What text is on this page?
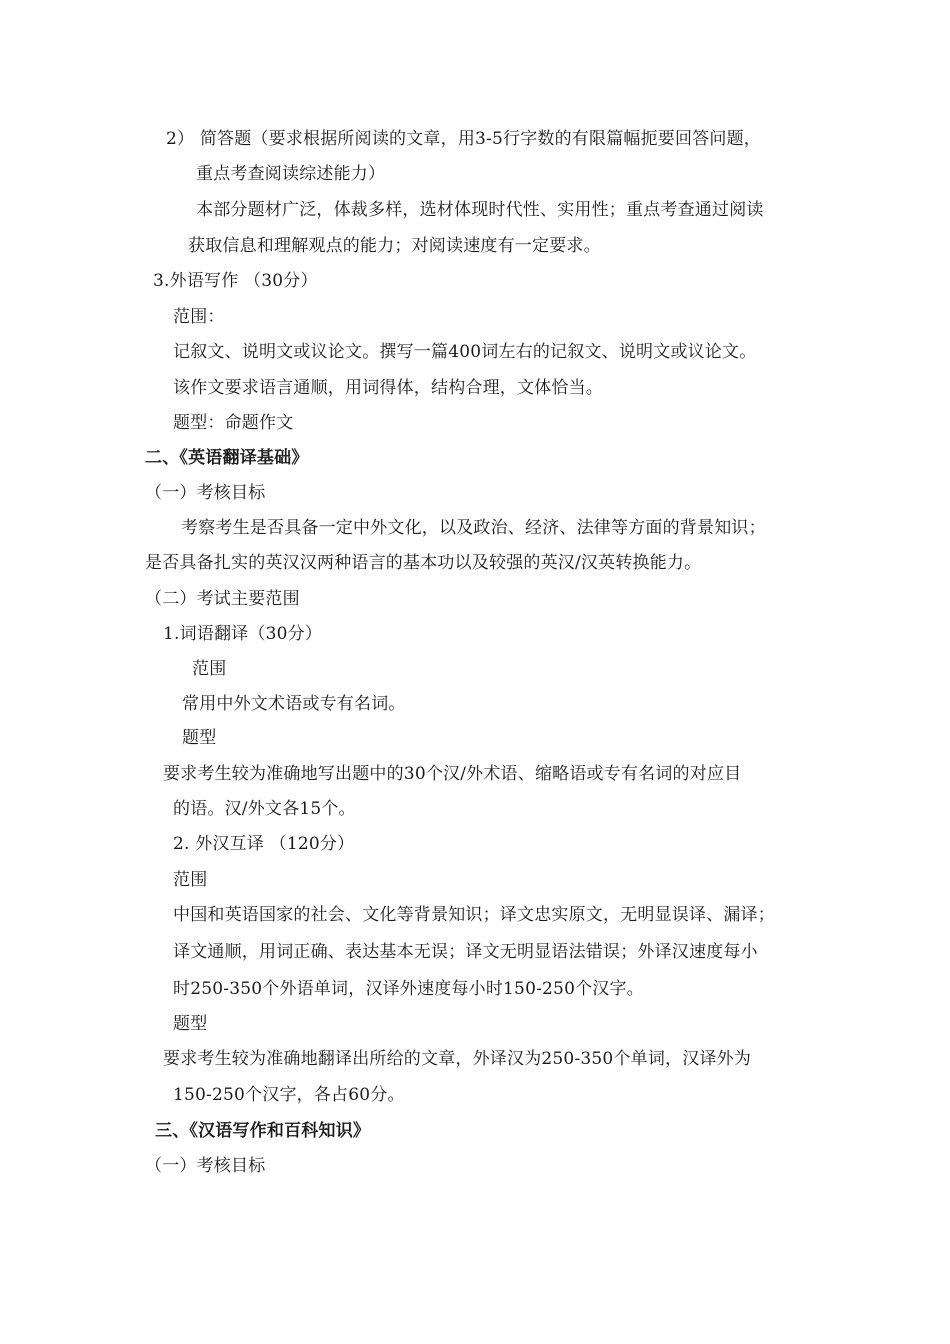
2） 简答题（要求根据所阅读的文章，用3-5行字数的有限篇幅扼要回答问题，
重点考查阅读综述能力）
本部分题材广泛，体裁多样，选材体现时代性、实用性；重点考查通过阅读
获取信息和理解观点的能力；对阅读速度有一定要求。
3.外语写作 （30分）
范围：
记叙文、说明文或议论文。撰写一篇400词左右的记叙文、说明文或议论文。
该作文要求语言通顺，用词得体，结构合理，文体恰当。
题型：命题作文
二、《英语翻译基础》
（一）考核目标
考察考生是否具备一定中外文化，以及政治、经济、法律等方面的背景知识；
是否具备扎实的英汉汉两种语言的基本功以及较强的英汉/汉英转换能力。
（二）考试主要范围
1.词语翻译（30分）
范围
常用中外文术语或专有名词。
题型
要求考生较为准确地写出题中的30个汉/外术语、缩略语或专有名词的对应目
的语。汉/外文各15个。
2. 外汉互译 （120分）
范围
中国和英语国家的社会、文化等背景知识；译文忠实原文，无明显误译、漏译；
译文通顺，用词正确、表达基本无误；译文无明显语法错误；外译汉速度每小
时250-350个外语单词，汉译外速度每小时150-250个汉字。
题型
要求考生较为准确地翻译出所给的文章，外译汉为250-350个单词，汉译外为
150-250个汉字，各占60分。
三、《汉语写作和百科知识》
（一）考核目标
